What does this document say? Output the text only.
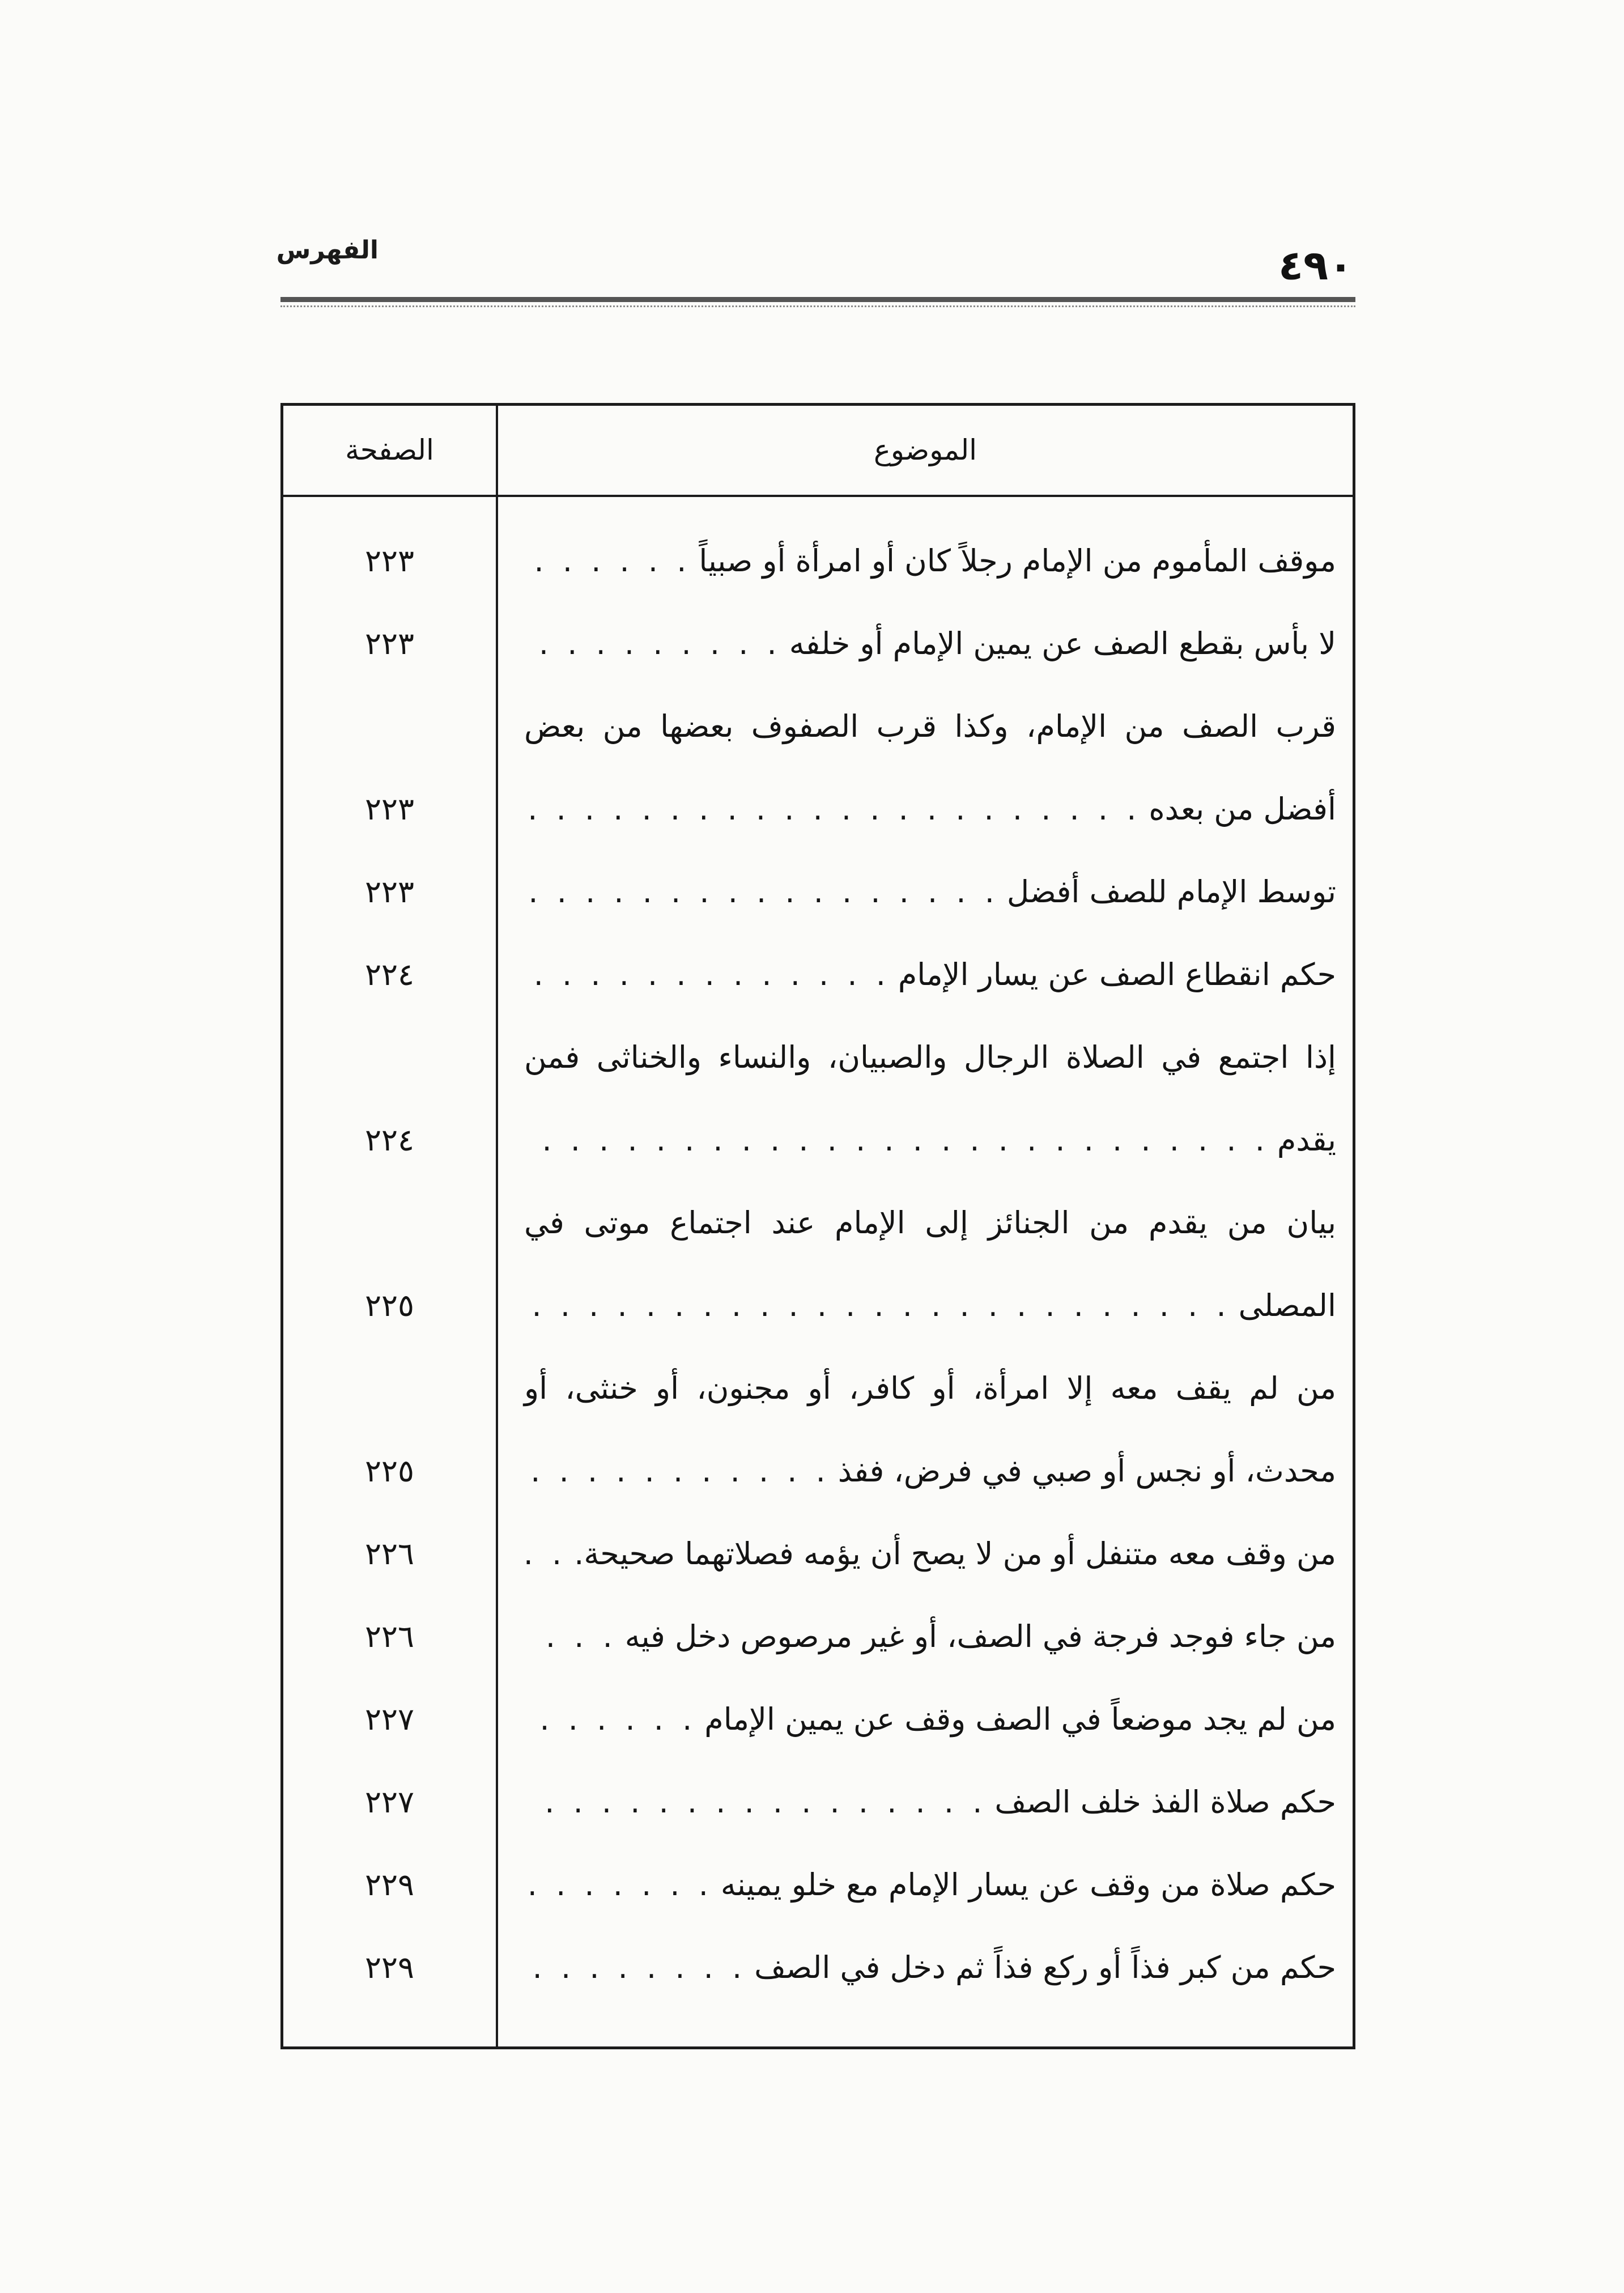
الفهرس	٤٩٠
الصفحة	الموضوع
موقف المأموم من الإمام رجلاً كان أو امرأة أو صبياً
. . .
٢٢٣
لا بأس بقطع الصف عن يمين الإمام أو خلفه
. . .
٢٢٣
قرب الصف من الإمام، وكذا قرب الصفوف بعضها من بعض
أفضل من بعده
. . .
٢٢٣
توسط الإمام للصف أفضل
. . .
٢٢٣
حكم انقطاع الصف عن يسار الإمام
. . .
٢٢٤
إذا اجتمع في الصلاة الرجال والصبيان، والنساء والخناثى فمن
يقدم
. . .
٢٢٤
بيان من يقدم من الجنائز إلى الإمام عند اجتماع موتى في
المصلى
. . .
٢٢٥
من لم يقف معه إلا امرأة، أو كافر، أو مجنون، أو خنثى، أو
محدث، أو نجس أو صبي في فرض، ففذ
. . .
٢٢٥
من وقف معه متنفل أو من لا يصح أن يؤمه فصلاتهما صحيحة.
. . .
٢٢٦
من جاء فوجد فرجة في الصف، أو غير مرصوص دخل فيه
. . .
٢٢٦
من لم يجد موضعاً في الصف وقف عن يمين الإمام
. . .
٢٢٧
حكم صلاة الفذ خلف الصف
. . .
٢٢٧
حكم صلاة من وقف عن يسار الإمام مع خلو يمينه
. . .
٢٢٩
حكم من كبر فذاً أو ركع فذاً ثم دخل في الصف
. . .
٢٢٩
